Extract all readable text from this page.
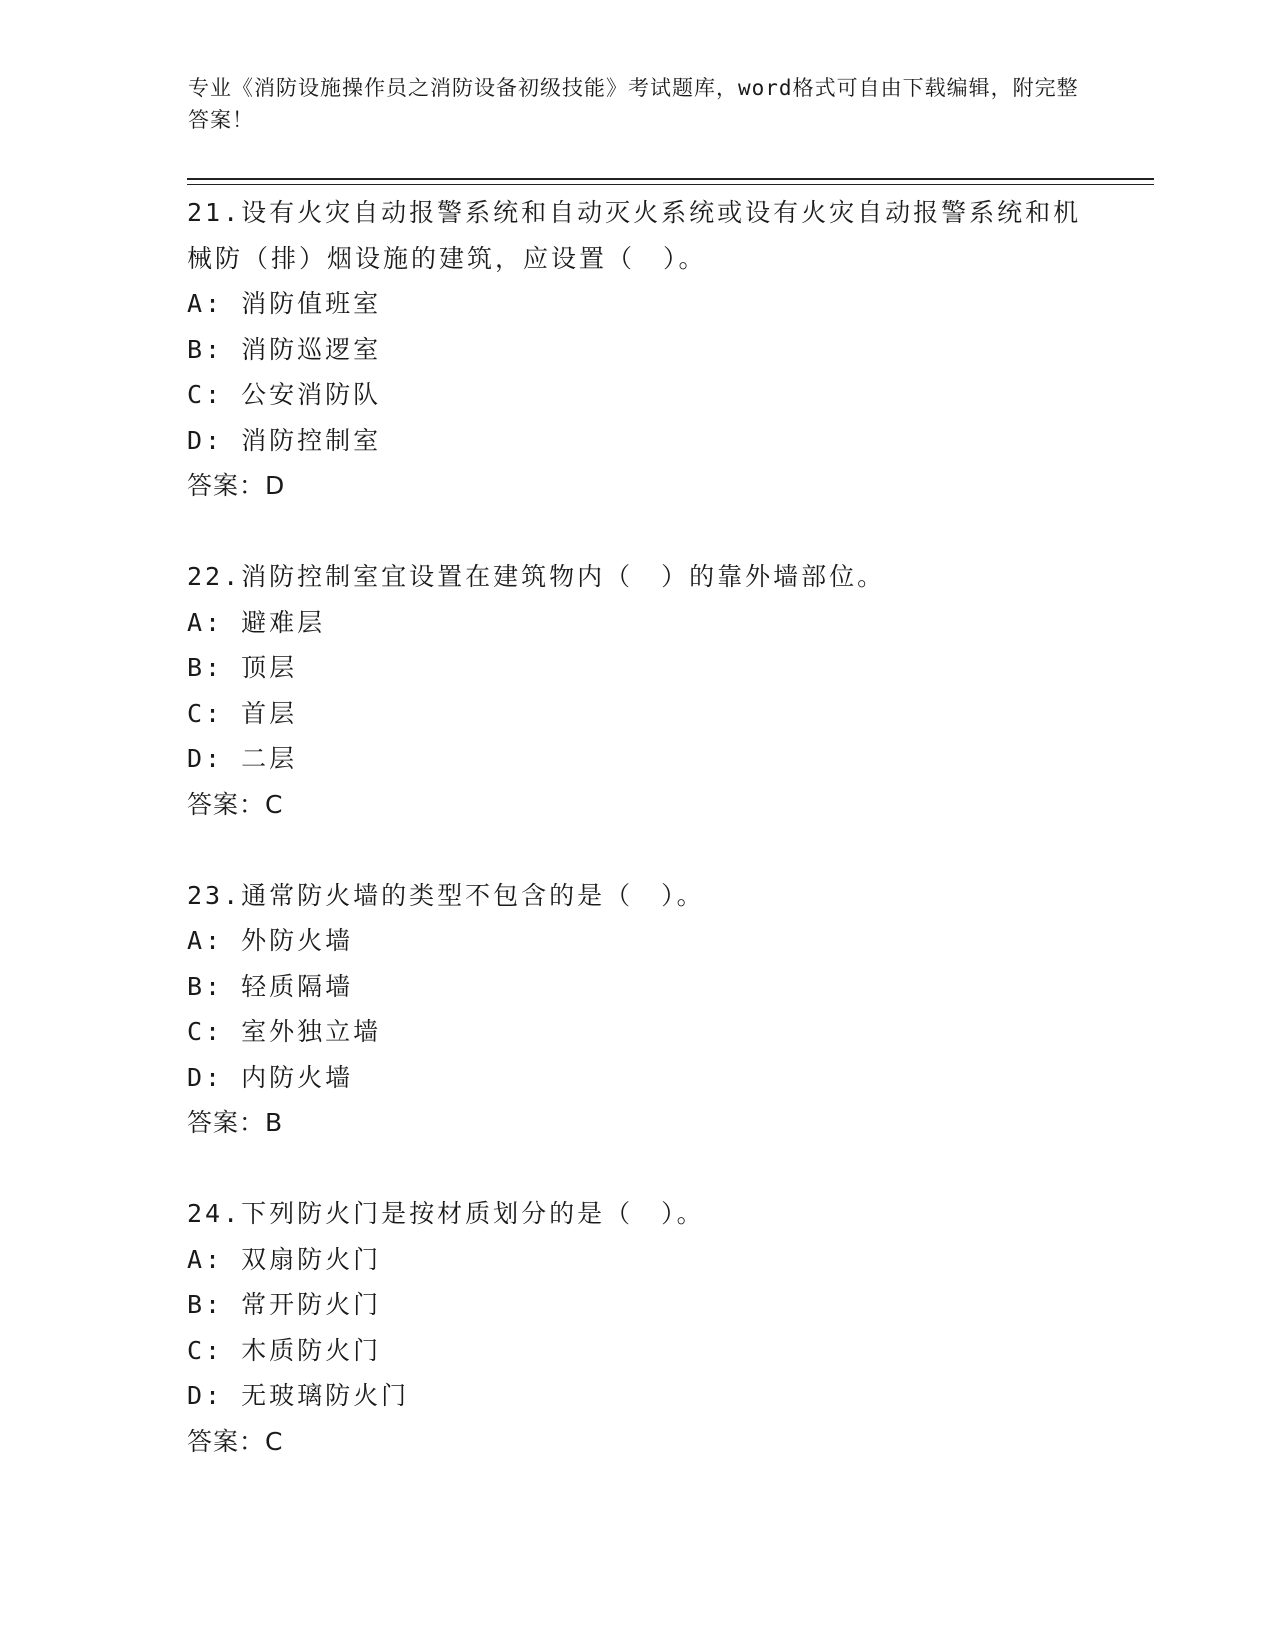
专业《消防设施操作员之消防设备初级技能》考试题库，word格式可自由下载编辑，附完整答案！
21.设有火灾自动报警系统和自动灭火系统或设有火灾自动报警系统和机械防（排）烟设施的建筑，应设置（　）。
A: 消防值班室
B: 消防巡逻室
C: 公安消防队
D: 消防控制室
答案：D
22.消防控制室宜设置在建筑物内（　）的靠外墙部位。
A: 避难层
B: 顶层
C: 首层
D: 二层
答案：C
23.通常防火墙的类型不包含的是（　）。
A: 外防火墙
B: 轻质隔墙
C: 室外独立墙
D: 内防火墙
答案：B
24.下列防火门是按材质划分的是（　）。
A: 双扇防火门
B: 常开防火门
C: 木质防火门
D: 无玻璃防火门
答案：C
